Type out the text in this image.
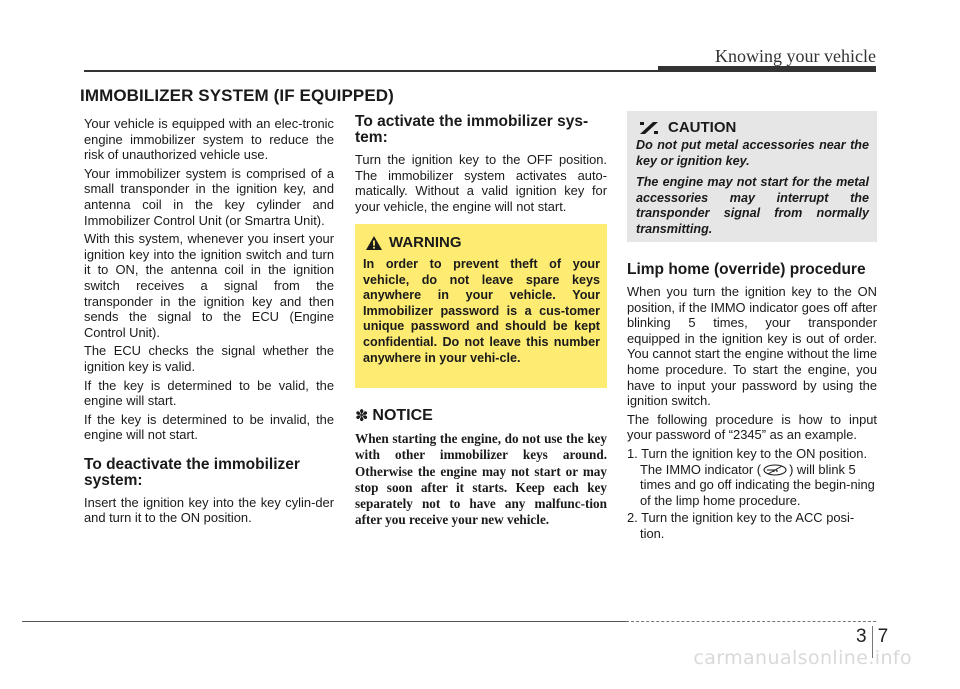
Knowing your vehicle
IMMOBILIZER SYSTEM (IF EQUIPPED)

Your vehicle is equipped with an elec-tronic engine immobilizer system to reduce the risk of unauthorized vehicle use.

Your immobilizer system is comprised of a small transponder in the ignition key, and antenna coil in the key cylinder and Immobilizer Control Unit (or Smartra Unit).

With this system, whenever you insert your ignition key into the ignition switch and turn it to ON, the antenna coil in the ignition switch receives a signal from the transponder in the ignition key and then sends the signal to the ECU (Engine Control Unit).

The ECU checks the signal whether the ignition key is valid.

If the key is determined to be valid, the engine will start.

If the key is determined to be invalid, the engine will not start.

To deactivate the immobilizer system:

Insert the ignition key into the key cylin-der and turn it to the ON position.

To activate the immobilizer sys-tem:

Turn the ignition key to the OFF position. The immobilizer system activates auto-matically. Without a valid ignition key for your vehicle, the engine will not start.

WARNING
In order to prevent theft of your vehicle, do not leave spare keys anywhere in your vehicle. Your Immobilizer password is a cus-tomer unique password and should be kept confidential. Do not leave this number anywhere in your vehi-cle.
✽ NOTICE
When starting the engine, do not use the key with other immobilizer keys around. Otherwise the engine may not start or may stop soon after it starts. Keep each key separately not to have any malfunc-tion after you receive your new vehicle.
CAUTION

Do not put metal accessories near the key or ignition key.

The engine may not start for the metal accessories may interrupt the transponder signal from normally transmitting.

Limp home (override) procedure

When you turn the ignition key to the ON position, if the IMMO indicator goes off after blinking 5 times, your transponder equipped in the ignition key is out of order. You cannot start the engine without the lime home procedure. To start the engine, you have to input your password by using the ignition switch.

The following procedure is how to input your password of “2345” as an example.

1. Turn the ignition key to the ON position. The IMMO indicator ( ) will blink 5 times and go off indicating the begin-ning of the limp home procedure.
2. Turn the ignition key to the ACC posi-tion.
3 7
carmanualsonline.info
